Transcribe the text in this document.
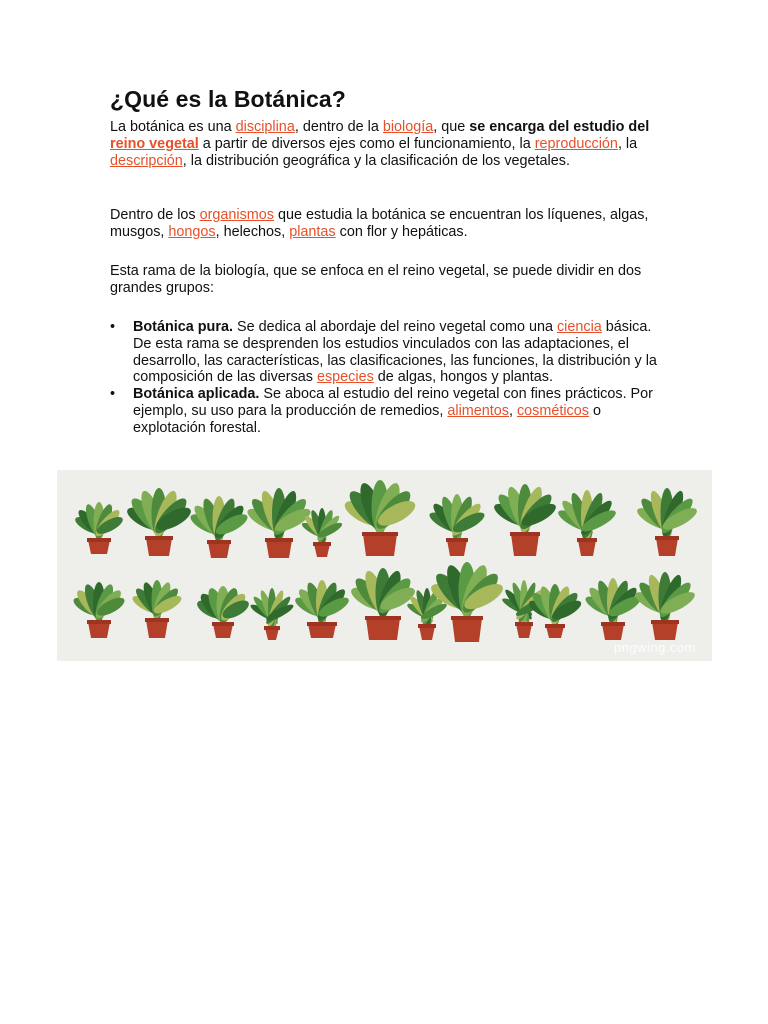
¿Qué es la Botánica?

La botánica es una disciplina, dentro de la biología, que se encarga del estudio del reino vegetal a partir de diversos ejes como el funcionamiento, la reproducción, la descripción, la distribución geográfica y la clasificación de los vegetales.

Dentro de los organismos que estudia la botánica se encuentran los líquenes, algas, musgos, hongos, helechos, plantas con flor y hepáticas.

Esta rama de la biología, que se enfoca en el reino vegetal, se puede dividir en dos grandes grupos:

• Botánica pura. Se dedica al abordaje del reino vegetal como una ciencia básica. De esta rama se desprenden los estudios vinculados con las adaptaciones, el desarrollo, las características, las clasificaciones, las funciones, la distribución y la composición de las diversas especies de algas, hongos y plantas.
• Botánica aplicada. Se aboca al estudio del reino vegetal con fines prácticos. Por ejemplo, su uso para la producción de remedios, alimentos, cosméticos o explotación forestal.
pngwing.com
